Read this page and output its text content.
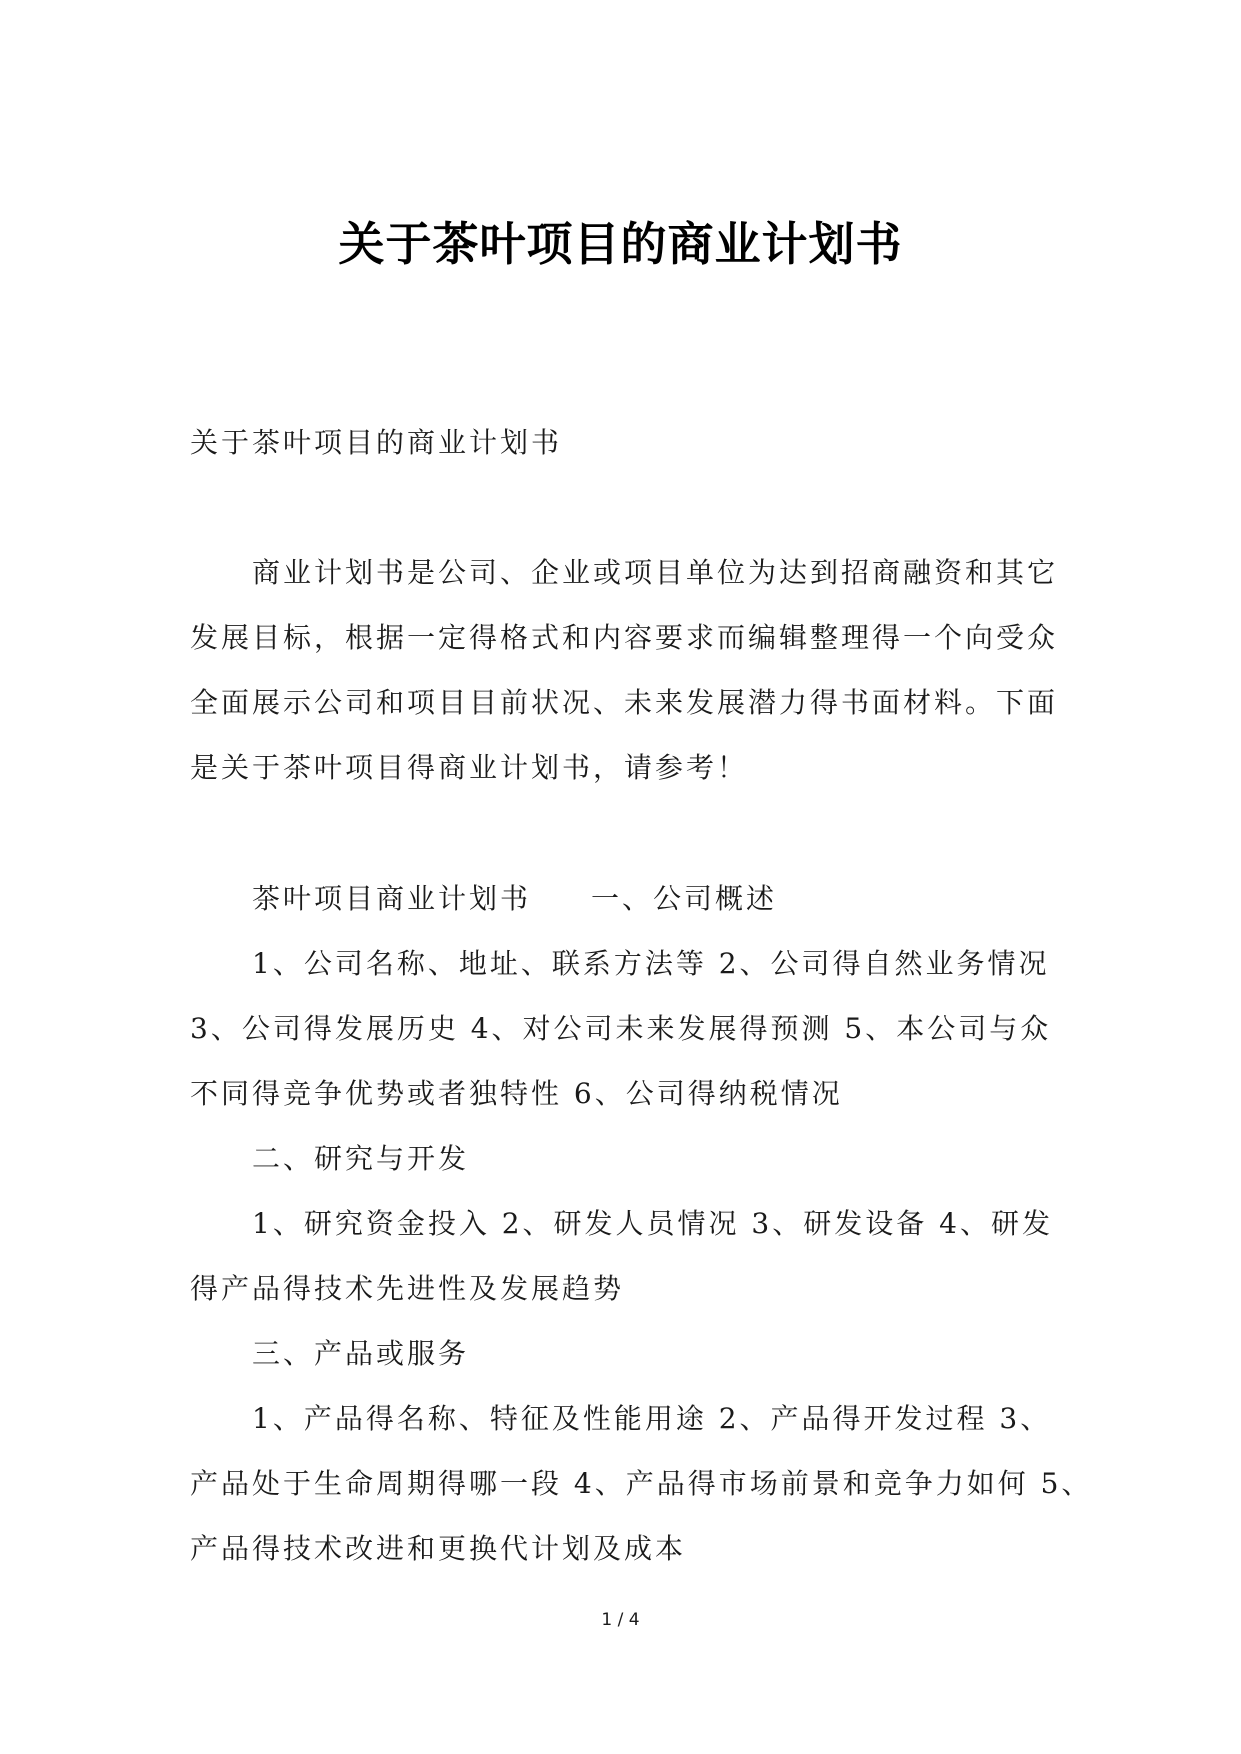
关于茶叶项目的商业计划书
关于茶叶项目的商业计划书
商业计划书是公司、企业或项目单位为达到招商融资和其它
发展目标，根据一定得格式和内容要求而编辑整理得一个向受众
全面展示公司和项目目前状况、未来发展潜力得书面材料。下面
是关于茶叶项目得商业计划书，请参考！
茶叶项目商业计划书 一、公司概述
1、公司名称、地址、联系方法等 2、公司得自然业务情况
3、公司得发展历史 4、对公司未来发展得预测 5、本公司与众
不同得竞争优势或者独特性 6、公司得纳税情况
二、研究与开发
1、研究资金投入 2、研发人员情况 3、研发设备 4、研发
得产品得技术先进性及发展趋势
三、产品或服务
1、产品得名称、特征及性能用途 2、产品得开发过程 3、
产品处于生命周期得哪一段 4、产品得市场前景和竞争力如何 5、
产品得技术改进和更换代计划及成本
1 / 4
